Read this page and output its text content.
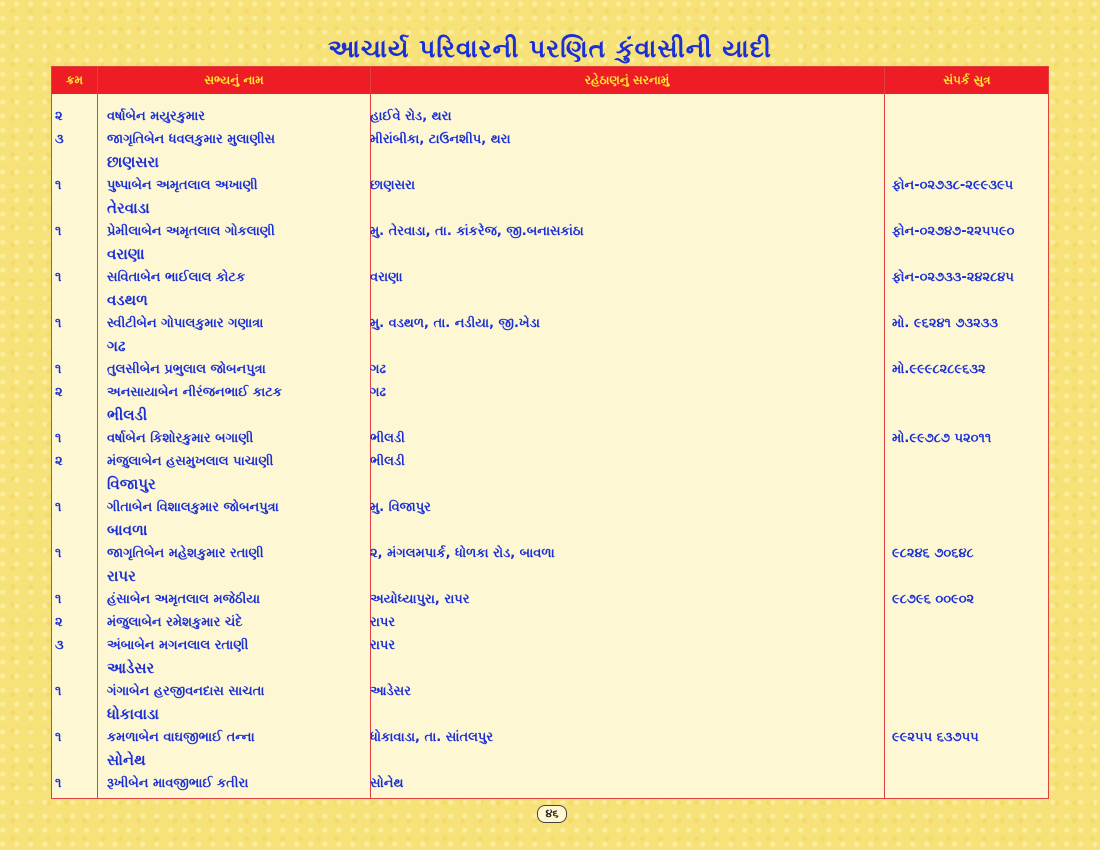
આચાર્ય પરિવારની પરણિત કુંવાસીની યાદી
ક્રમ	સભ્યનું નામ	રહેઠાણનું સરનામું	સંપર્ક સુત્ર
૨	વર્ષાબેન મયુરકુમાર	હાઈવે રોડ, થરા
૩	જાગૃતિબેન ધવલકુમાર મુલાણીસ	મીરાંબીકા, ટાઉનશીપ, થરા
છાણસરા
૧	પુષ્પાબેન અમૃતલાલ અખાણી	છાણસરા	ફોન-૦૨૭૩૮-૨૯૯૩૯૫
તેરવાડા
૧	પ્રેમીલાબેન અમૃતલાલ ગોકલાણી	મુ. તેરવાડા, તા. કાંકરેજ, જી.બનાસકાંઠા	ફોન-૦૨૭૪૭-૨૨૫૫૯૦
વરાણા
૧	સવિતાબેન ભાઈલાલ કોટક	વરાણા	ફોન-૦૨૭૩૩-૨૪૨૮૪૫
વડથળ
૧	સ્વીટીબેન ગોપાલકુમાર ગણાત્રા	મુ. વડથળ, તા. નડીયા, જી.ખેડા	મો. ૯૬૨૪૧ ૭૩૨૩૩
ગઢ
૧	તુલસીબેન પ્રભુલાલ જોબનપુત્રા	ગઢ	મો.૯૯૯૮૨૮૯૬૩૨
૨	અનસાયાબેન નીરંજનભાઈ કાટક	ગઢ
ભીલડી
૧	વર્ષાબેન કિશોરકુમાર બગાણી	ભીલડી	મો.૯૯૭૮૭ ૫૨૦૧૧
૨	મંજુલાબેન હસમુખલાલ પાચાણી	ભીલડી
વિજાપુર
૧	ગીતાબેન વિશાલકુમાર જોબનપુત્રા	મુ. વિજાપુર
બાવળા
૧	જાગૃતિબેન મહેશકુમાર રતાણી	૨, મંગલમપાર્ક, ધોળકા રોડ, બાવળા	૯૮૨૪૬ ૭૦૬૪૮
રાપર
૧	હંસાબેન અમૃતલાલ મજેઠીયા	અયોધ્યાપુરા, રાપર	૯૮૭૯૬ ૦૦૯૦૨
૨	મંજુલાબેન રમેશકુમાર ચંદે	રાપર
૩	અંબાબેન મગનલાલ રતાણી	રાપર
આડેસર
૧	ગંગાબેન હરજીવનદાસ સાચતા	આડેસર
ધોકાવાડા
૧	કમળાબેન વાઘજીભાઈ તન્ના	ધોકાવાડા, તા. સાંતલપુર	૯૯૨૫૫ ૬૩૭૫૫
સોનેથ
૧	રૂખીબેન માવજીભાઈ કતીરા	સોનેથ
૪૬
